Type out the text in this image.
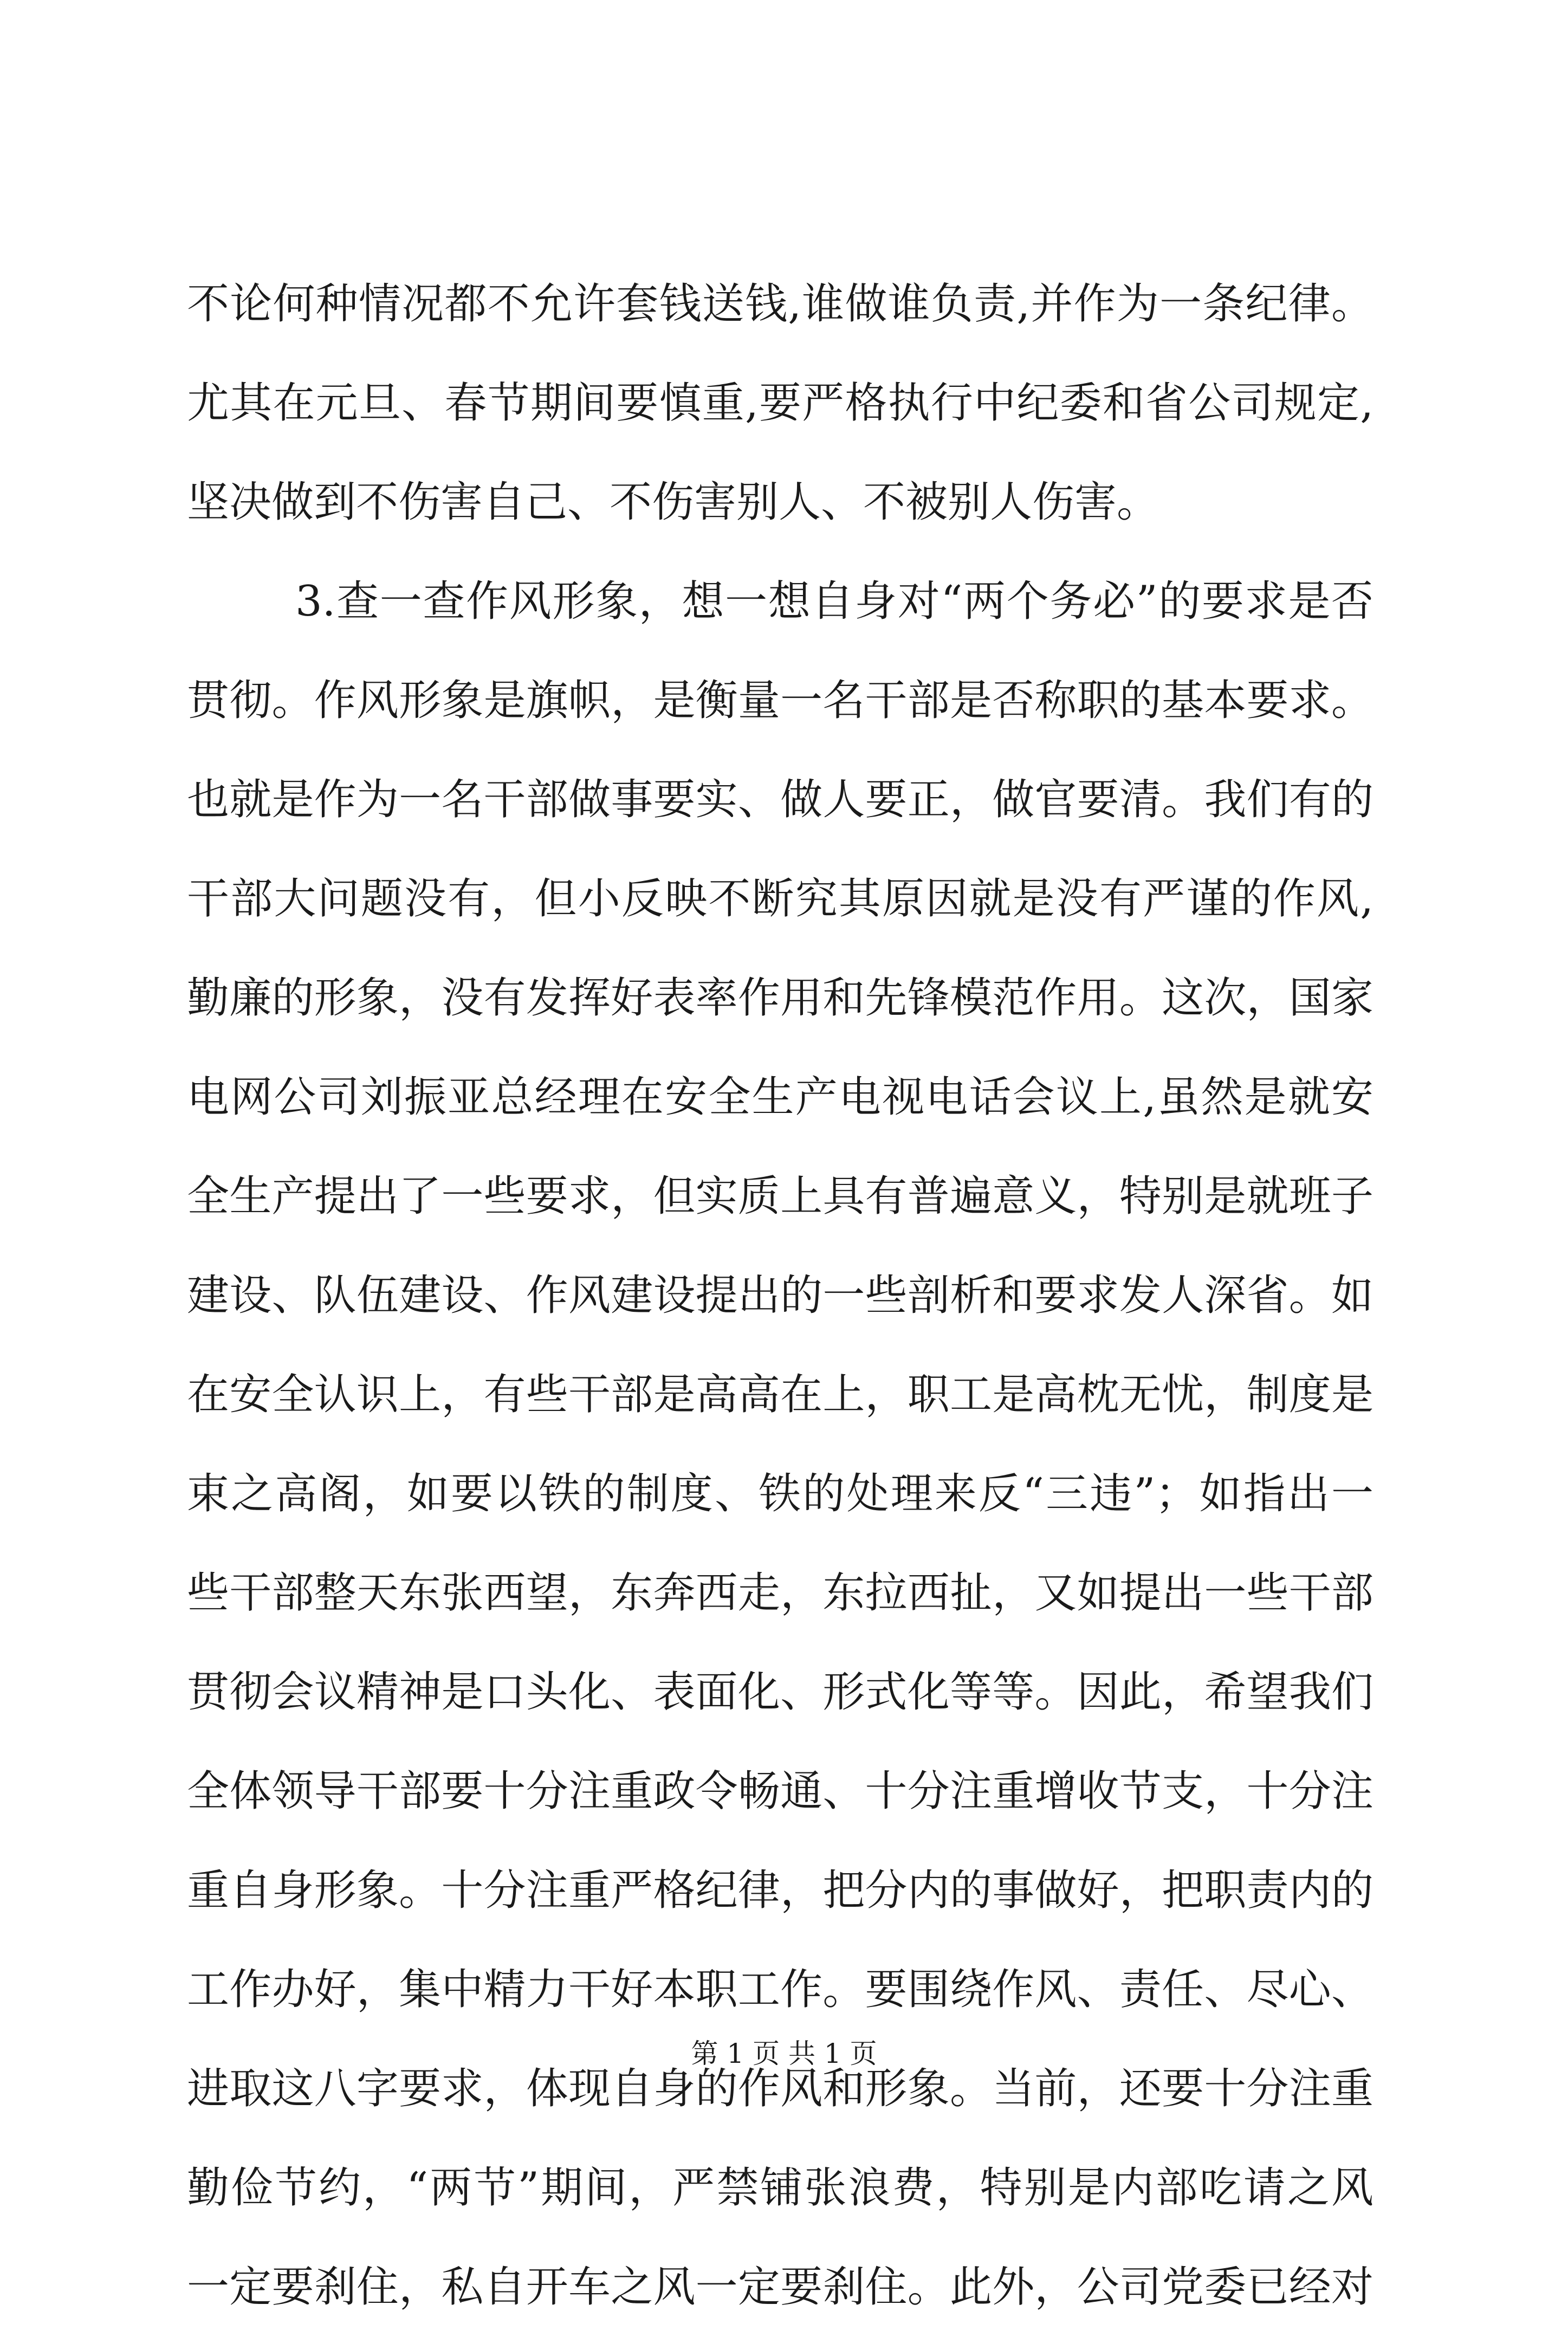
不论何种情况都不允许套钱送钱,谁做谁负责,并作为一条纪律。
尤其在元旦、春节期间要慎重,要严格执行中纪委和省公司规定,
坚决做到不伤害自己、不伤害别人、不被别人伤害。
3.查一查作风形象，想一想自身对“两个务必”的要求是否
贯彻。作风形象是旗帜，是衡量一名干部是否称职的基本要求。
也就是作为一名干部做事要实、做人要正，做官要清。我们有的
干部大问题没有，但小反映不断究其原因就是没有严谨的作风,
勤廉的形象，没有发挥好表率作用和先锋模范作用。这次，国家
电网公司刘振亚总经理在安全生产电视电话会议上,虽然是就安
全生产提出了一些要求，但实质上具有普遍意义，特别是就班子
建设、队伍建设、作风建设提出的一些剖析和要求发人深省。如
在安全认识上，有些干部是高高在上，职工是高枕无忧，制度是
束之高阁，如要以铁的制度、铁的处理来反“三违”；如指出一
些干部整天东张西望，东奔西走，东拉西扯，又如提出一些干部
贯彻会议精神是口头化、表面化、形式化等等。因此，希望我们
全体领导干部要十分注重政令畅通、十分注重增收节支，十分注
重自身形象。十分注重严格纪律，把分内的事做好，把职责内的
工作办好，集中精力干好本职工作。要围绕作风、责任、尽心、
进取这八字要求，体现自身的作风和形象。当前，还要十分注重
勤俭节约，“两节”期间，严禁铺张浪费，特别是内部吃请之风
一定要刹住，私自开车之风一定要刹住。此外，公司党委已经对
第 1 页 共 1 页
